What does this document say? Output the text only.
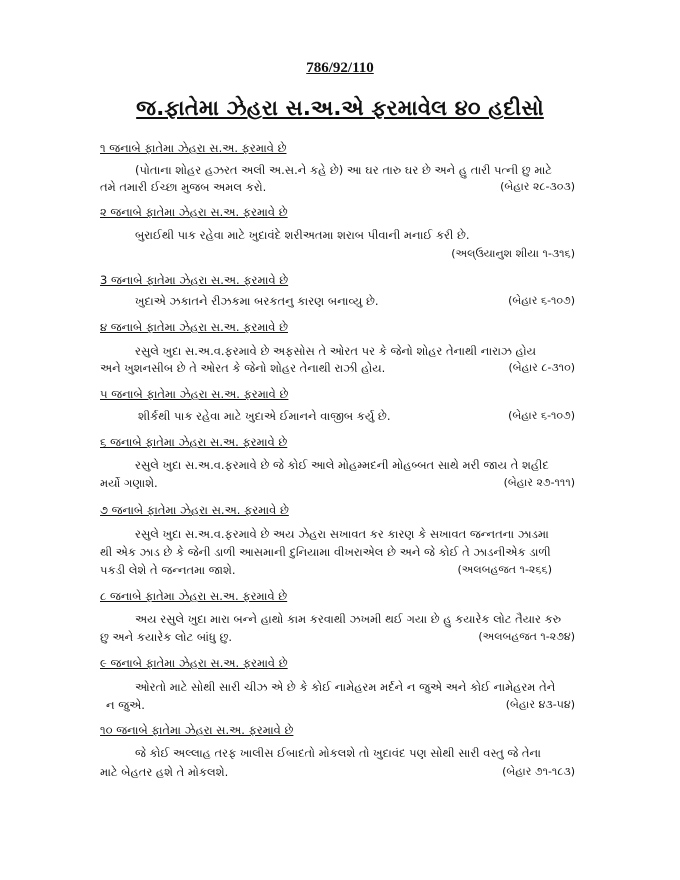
786/92/110
જ.ફાતેમા ઝેહરા સ.અ.એ ફરમાવેલ ૪૦ હદીસો
૧ જનાબે ફાતેમા ઝેહરા સ.અ. ફરમાવે છે
(પોતાના શોહર હઝરત અલી અ.સ.ને કહે છે) આ ઘર તારુ ઘર છે અને હુ તારી પત્ની છુ માટે
તમે તમારી ઈચ્છા મુજબ અમલ કરો.	(બેહાર ૨૮-૩૦૩)
૨ જનાબે ફાતેમા ઝેહરા સ.અ. ફરમાવે છે
બુરાઈથી પાક રહેવા માટે ખુદાવંદે શરીઅતમા શરાબ પીવાની મનાઈ કરી છે.
(અલ્ઉયાનુશ શીયા ૧-૩૧૬)
3 જનાબે ફાતેમા ઝેહરા સ.અ. ફરમાવે છે
ખુદાએ ઝકાતને રીઝકમા બરકતનુ કારણ બનાવ્યુ છે.	(બેહાર ૬-૧૦૭)
૪ જનાબે ફાતેમા ઝેહરા સ.અ. ફરમાવે છે
રસુલે ખુદા સ.અ.વ.ફરમાવે છે અફસોસ તે ઓરત પર કે જેનો શોહર તેનાથી નારાઝ હોય
અને ખુશનસીબ છે તે ઓરત કે જેનો શોહર તેનાથી રાઝી હોય.	(બેહાર ૮-૩૧૦)
૫ જનાબે ફાતેમા ઝેહરા સ.અ. ફરમાવે છે
શીર્કથી પાક રહેવા માટે ખુદાએ ઈમાનને વાજીબ કર્યુ છે.	(બેહાર ૬-૧૦૭)
૬ જનાબે ફાતેમા ઝેહરા સ.અ. ફરમાવે છે
રસુલે ખુદા સ.અ.વ.ફરમાવે છે જે કોઈ આલે મોહમ્મદની મોહબ્બત સાથે મરી જાય તે શહીદ
મર્યો ગણાશે.	(બેહાર ૨૭-૧૧૧)
૭ જનાબે ફાતેમા ઝેહરા સ.અ. ફરમાવે છે
રસુલે ખુદા સ.અ.વ.ફરમાવે છે અય ઝેહરા સખાવત કર કારણ કે સખાવત જન્નતના ઝાડમા
થી એક ઝાડ છે કે જેની ડાળી આસમાની દુનિયામા વીખરાએલ છે અને જે કોઈ તે ઝાડનીએક ડાળી
પકડી લેશે તે જન્નતમા જાશે.	(અલબહજત ૧-૨૬૬)
૮ જનાબે ફાતેમા ઝેહરા સ.અ. ફરમાવે છે
અય રસુલે ખુદા મારા બન્ને હાથો કામ કરવાથી ઝખમી થઈ ગયા છે હુ કયારેક લોટ તૈયાર કરુ
છુ અને કયારેક લોટ બાંધુ છુ.	(અલબહજત ૧-૨૭૪)
૯ જનાબે ફાતેમા ઝેહરા સ.અ. ફરમાવે છે
ઓરતો માટે સોથી સારી ચીઝ એ છે કે કોઈ નામેહરમ મર્દને ન જુએ અને કોઈ નામેહરમ તેને
ન જુએ.	(બેહાર ૪૩-૫૪)
૧૦ જનાબે ફાતેમા ઝેહરા સ.અ. ફરમાવે છે
જે કોઈ અલ્લાહ તરફ ખાલીસ ઈબાદતો મોકલશે તો ખુદાવંદ પણ સોથી સારી વસ્તુ જે તેના
માટે બેહતર હશે તે મોકલશે.	(બેહાર ૭૧-૧૮૩)
